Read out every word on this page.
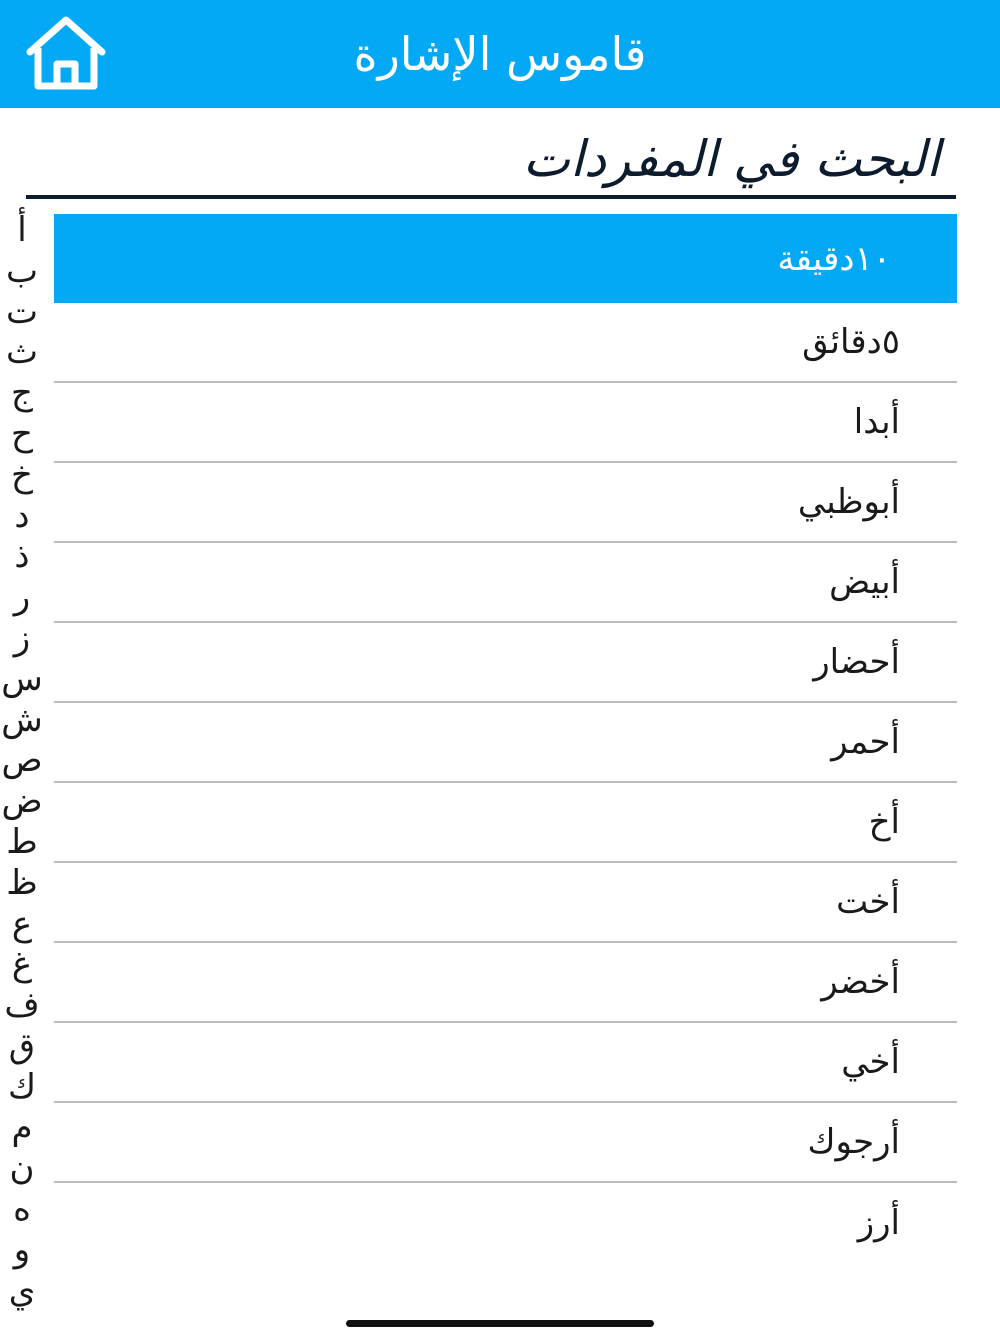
قاموس الإشارة
البحث في المفردات
أ
ب
ت
ث
ج
ح
خ
د
ذ
ر
ز
س
ش
ص
ض
ط
ظ
ع
غ
ف
ق
ك
م
ن
ه
و
ي
١٠دقيقة
٥دقائق
أبدا
أبوظبي
أبيض
أحضار
أحمر
أخ
أخت
أخضر
أخي
أرجوك
أرز
